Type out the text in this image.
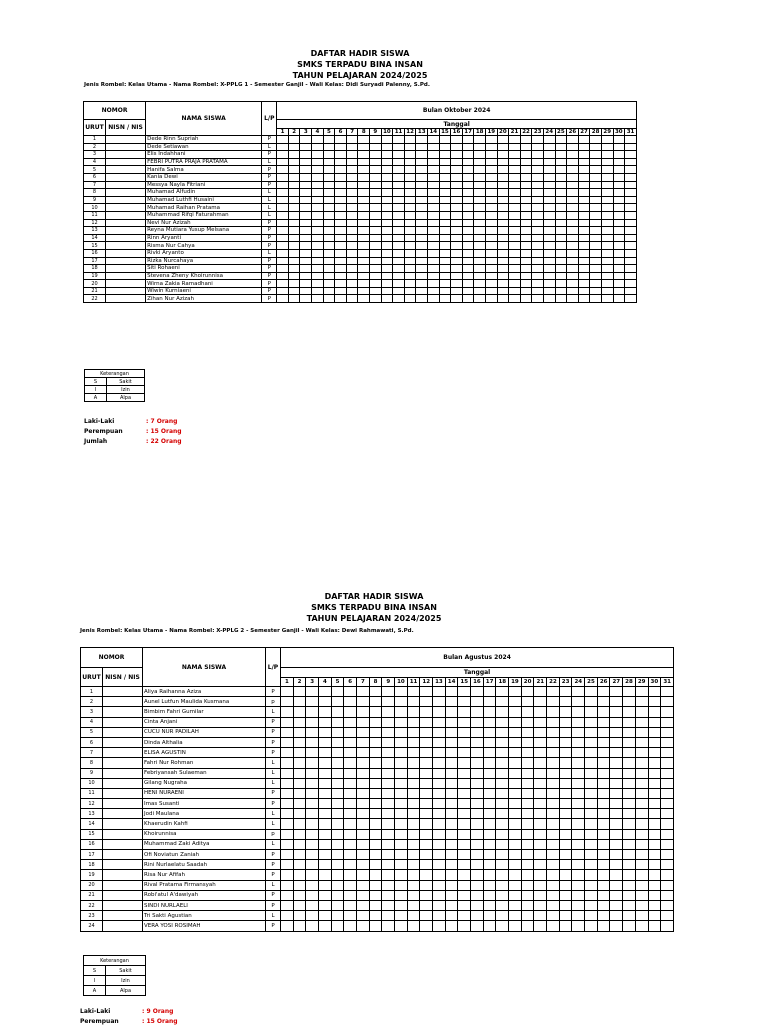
DAFTAR HADIR SISWA
SMKS TERPADU BINA INSAN
TAHUN PELAJARAN 2024/2025
Jenis Rombel: Kelas Utama - Nama Rombel: X-PPLG 1 - Semester Ganjil - Wali Kelas: Didi Suryadi Palenny, S.Pd.
NOMOR		NAMA SISWA	L/P	Bulan Oktober 2024																														
URUT	NISN / NIS			Tanggal																														
				1	2	3	4	5	6	7	8	9	10	11	12	13	14	15	16	17	18	19	20	21	22	23	24	25	26	27	28	29	30	31
1		Dede Rinn Supriah	P																															
2		Dede Setiawan	L																															
3		Elis Indahhani	P																															
4		FEBRI PUTRA PRAJA PRATAMA	L																															
5		Hanifa Salma	P																															
6		Kania Dewi	P																															
7		Messya Nayla Fitriani	P																															
8		Muhamad Alfudin	L																															
9		Muhamad Luthfi Husaini	L																															
10		Muhamad Raihan Pratama	L																															
11		Muhammad Rifqi Faturahman	L																															
12		Nevi Nur Azizah	P																															
13		Reyna Mutiara Yusup Melsana	P																															
14		Rinn Aryanti	P																															
15		Risma Nur Cahya	P																															
16		Rivki Aryanto	L																															
17		Rizka Nurcahaya	P																															
18		Siti Rohaeni	P																															
19		Stevena Zheny Khoirunnisa	P																															
20		Wirna Zakia Ramadhani	P																															
21		Wiwin Kurniaeni	P																															
22		Zihan Nur Azizah	P																															
Keterangan	
S	Sakit
I	Izin
A	Alpa
Laki-Laki	: 7 Orang
Perempuan	: 15 Orang
Jumlah	: 22 Orang
DAFTAR HADIR SISWA
SMKS TERPADU BINA INSAN
TAHUN PELAJARAN 2024/2025
Jenis Rombel: Kelas Utama - Nama Rombel: X-PPLG 2 - Semester Ganjil - Wali Kelas: Dewi Rahmawati, S.Pd.
NOMOR		NAMA SISWA	L/P	Bulan Agustus 2024																														
URUT	NISN / NIS			Tanggal																														
				1	2	3	4	5	6	7	8	9	10	11	12	13	14	15	16	17	18	19	20	21	22	23	24	25	26	27	28	29	30	31
1		Aliya Raihanna Aziza	P																															
2		Aunel Lutfun Maulida Kusmana	p																															
3		Bimbim Fahri Gumilar	L																															
4		Cinta Anjani	P																															
5		CUCU NUR PADILAH	P																															
6		Dinda Althalia	P																															
7		ELISA AGUSTIN	P																															
8		Fahri Nur Rohman	L																															
9		Febriyansah Sulaeman	L																															
10		Gilang Nugraha	L																															
11		HENI NURAENI	P																															
12		Imas Susanti	P																															
13		Jodi Maulana	L																															
14		Khaerudin Kahfi	L																															
15		Khoirunnisa	p																															
16		Muhammad Zaki Aditya	L																															
17		Ofi Noviatun Zaniah	P																															
18		Rini Nurlaelatu Saadah	P																															
19		Risa Nur Afifah	P																															
20		Rival Pratama Firmansyah	L																															
21		Robi'atul A'dawiyah	P																															
22		SINDI NURLAELI	P																															
23		Tri Sakti Agustian	L																															
24		VERA YOSI ROSIMAH	P																															
Keterangan	
S	Sakit
I	Izin
A	Alpa
Laki-Laki	: 9 Orang
Perempuan	: 15 Orang
